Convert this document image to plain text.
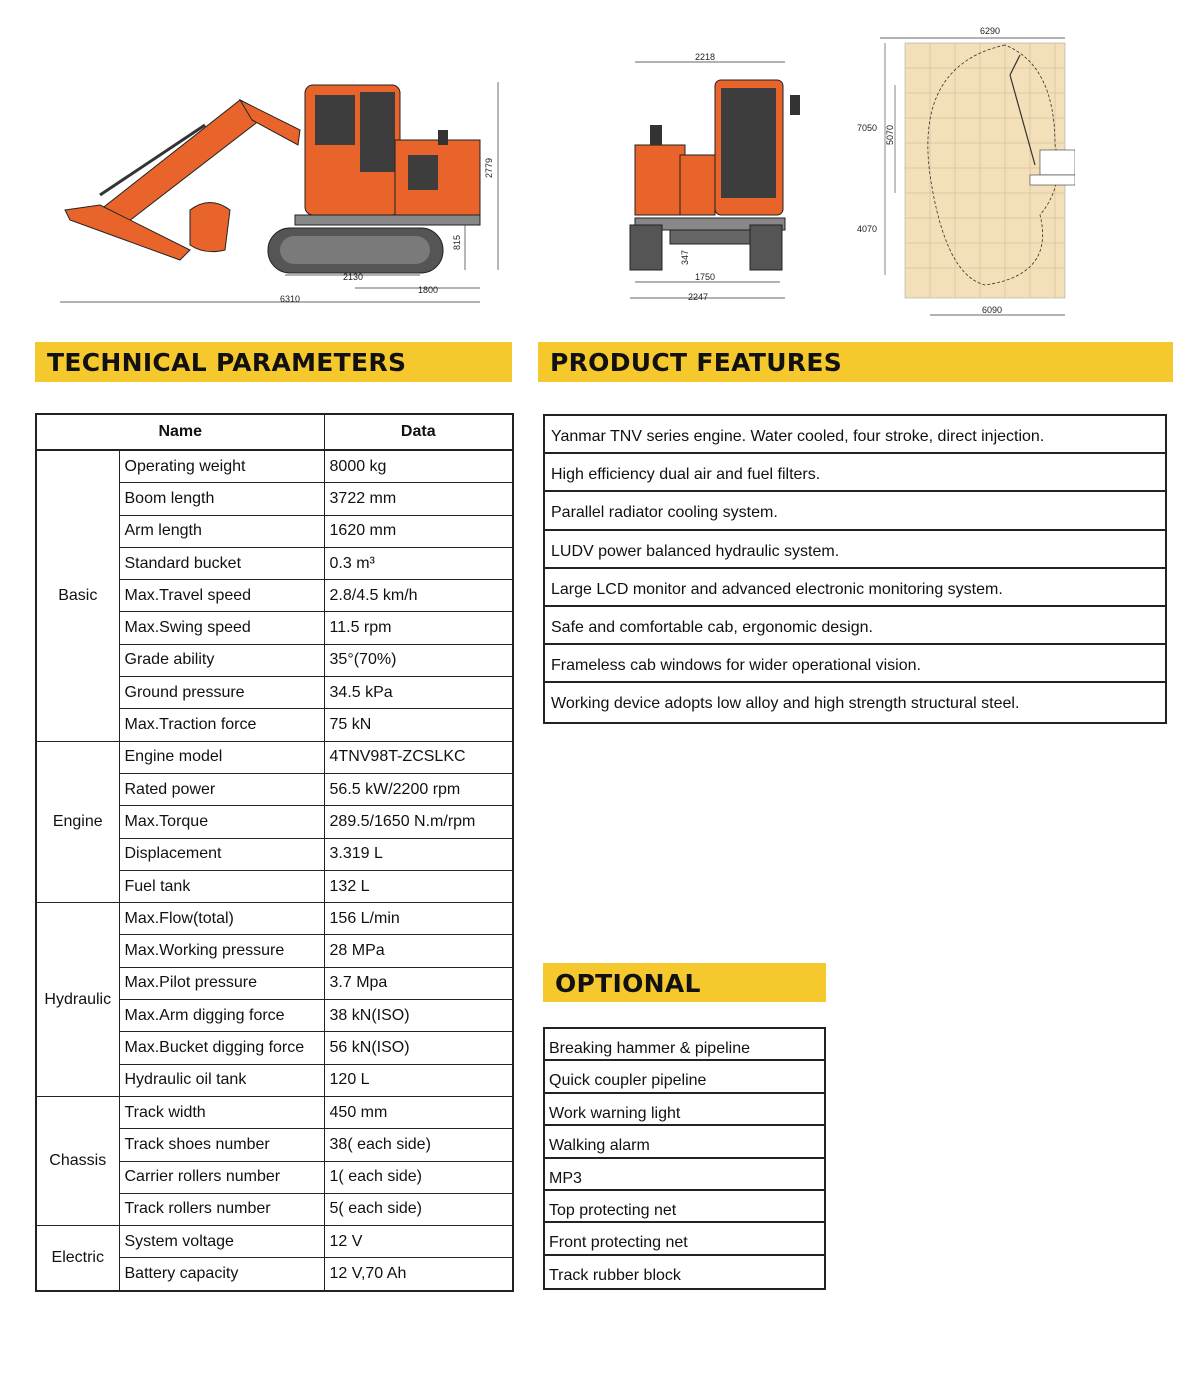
2779
815
2130
1800
6310
2218
347
1750
2247
6290
7050 5070
4070
6090
TECHNICAL PARAMETERS	PRODUCT FEATURES
OPTIONAL
Name		Data
Basic	Operating weight	8000 kg
	Boom length	3722 mm
	Arm length	1620 mm
	Standard bucket	0.3 m³
	Max.Travel speed	2.8/4.5 km/h
	Max.Swing speed	11.5 rpm
	Grade ability	35°(70%)
	Ground pressure	34.5 kPa
	Max.Traction force	75 kN
Engine	Engine model	4TNV98T-ZCSLKC
	Rated power	56.5 kW/2200 rpm
	Max.Torque	289.5/1650 N.m/rpm
	Displacement	3.319 L
	Fuel tank	132 L
Hydraulic	Max.Flow(total)	156 L/min
	Max.Working pressure	28 MPa
	Max.Pilot pressure	3.7 Mpa
	Max.Arm digging force	38 kN(ISO)
	Max.Bucket digging force	56 kN(ISO)
	Hydraulic oil tank	120 L
Chassis	Track width	450 mm
	Track shoes number	38( each side)
	Carrier rollers number	1( each side)
	Track rollers number	5( each side)
Electric	System voltage	12 V
	Battery capacity	12 V,70 Ah
Yanmar TNV series engine. Water cooled, four stroke, direct injection.
High efficiency dual air and fuel filters.
Parallel radiator cooling system.
LUDV power balanced hydraulic system.
Large LCD monitor and advanced electronic monitoring system.
Safe and comfortable cab, ergonomic design.
Frameless cab windows for wider operational vision.
Working device adopts low alloy and high strength structural steel.
Breaking hammer & pipeline
Quick coupler pipeline
Work warning light
Walking alarm
MP3
Top protecting net
Front protecting net
Track rubber block
